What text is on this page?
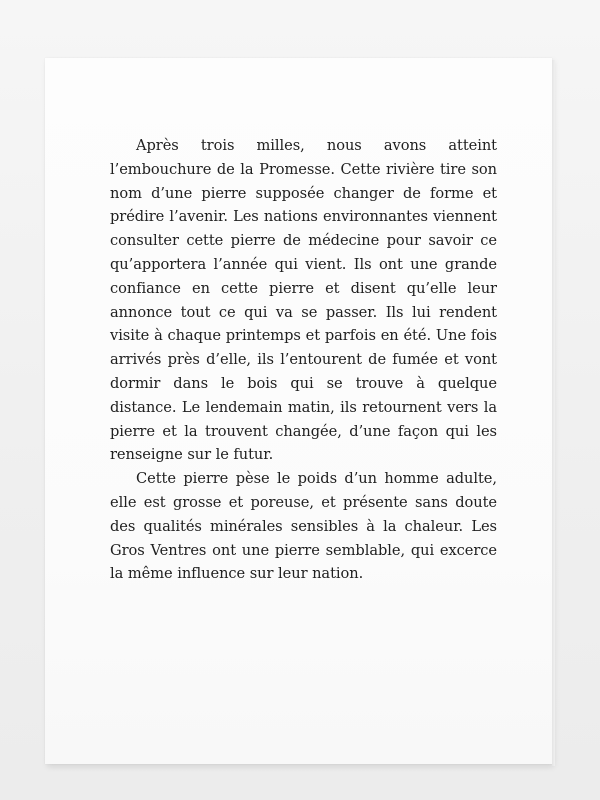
Après trois milles, nous avons atteint l’embouchure de la Promesse. Cette rivière tire son nom d’une pierre supposée changer de forme et prédire l’avenir. Les nations environnantes viennent consulter cette pierre de médecine pour savoir ce qu’apportera l’année qui vient. Ils ont une grande confiance en cette pierre et disent qu’elle leur annonce tout ce qui va se passer. Ils lui rendent visite à chaque printemps et parfois en été. Une fois arrivés près d’elle, ils l’entourent de fumée et vont dormir dans le bois qui se trouve à quelque distance. Le lendemain matin, ils retournent vers la pierre et la trouvent changée, d’une façon qui les renseigne sur le futur.

Cette pierre pèse le poids d’un homme adulte, elle est grosse et poreuse, et présente sans doute des qualités minérales sensibles à la chaleur. Les Gros Ventres ont une pierre semblable, qui excerce la même influence sur leur nation.
